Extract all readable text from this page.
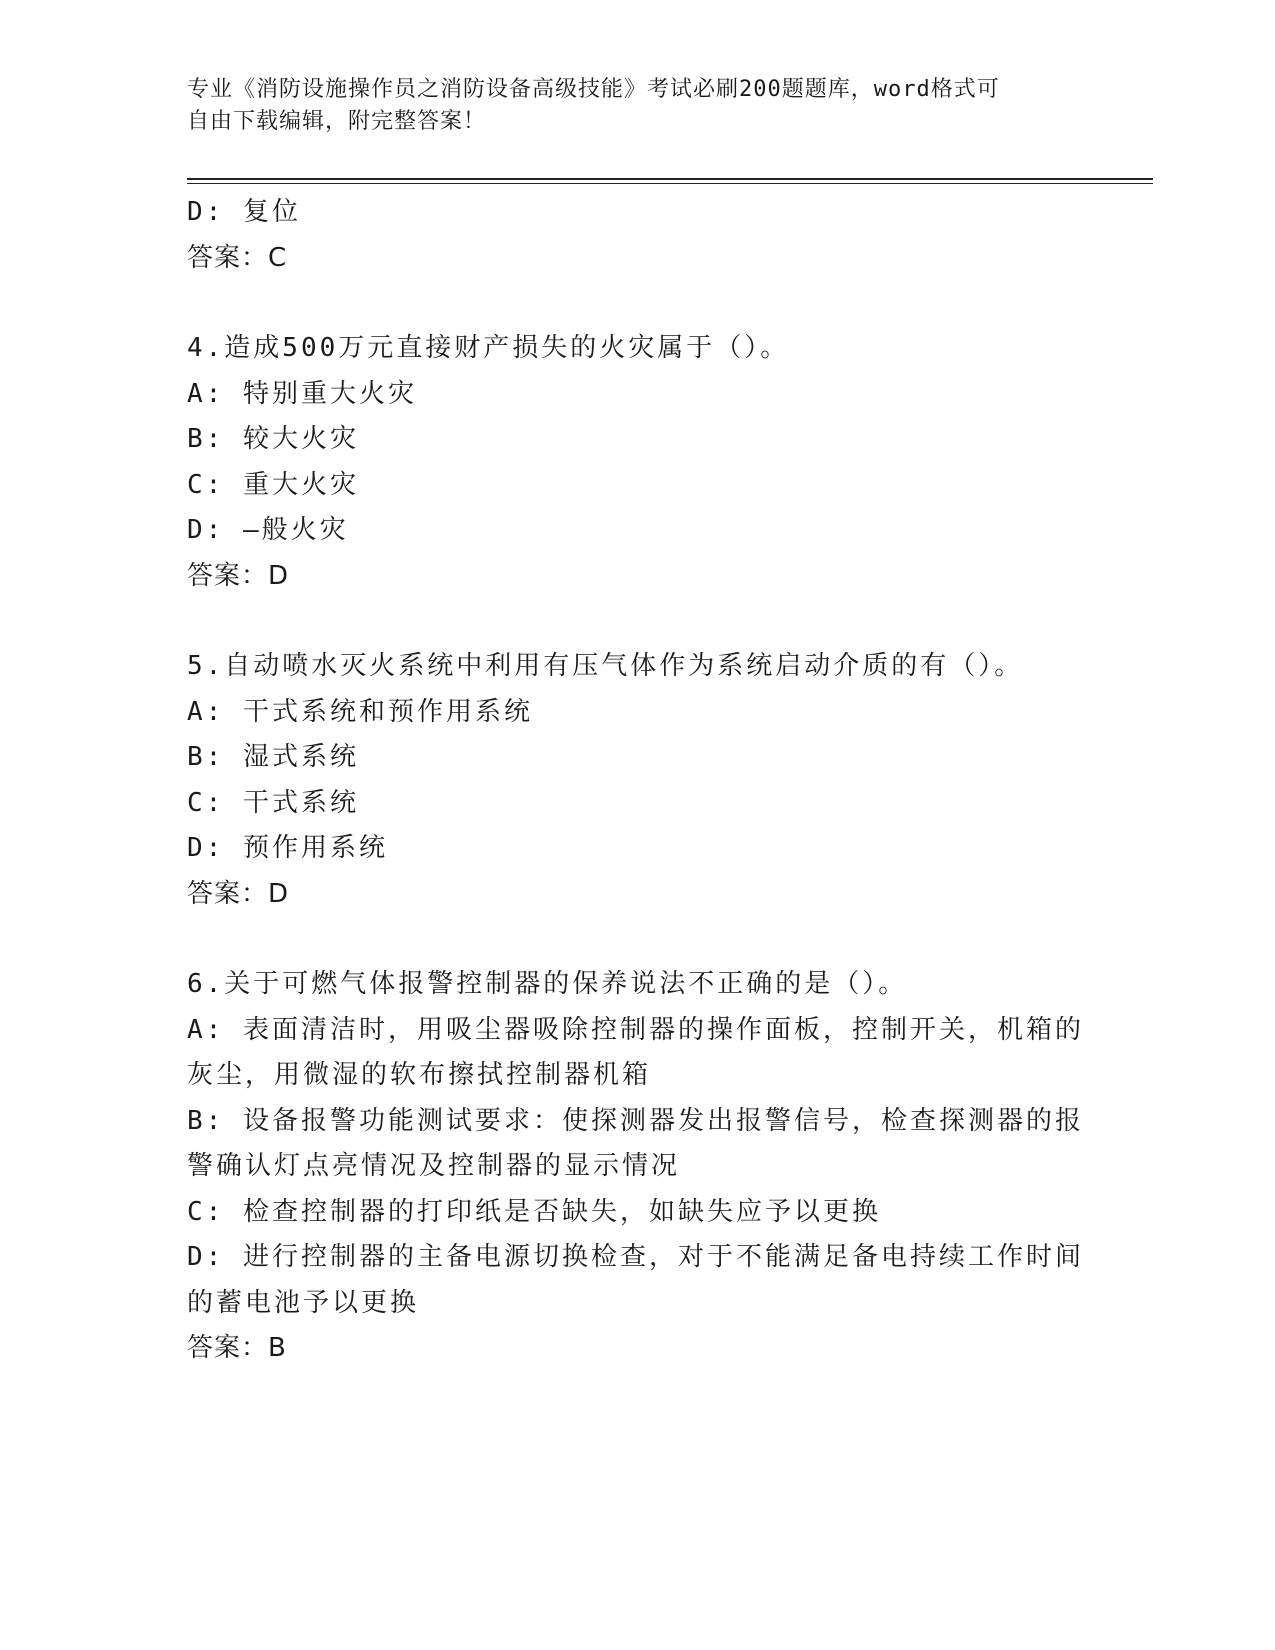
专业《消防设施操作员之消防设备高级技能》考试必刷200题题库，word格式可
自由下载编辑，附完整答案！
D: 复位
答案：C
4.造成500万元直接财产损失的火灾属于（）。
A: 特别重大火灾
B: 较大火灾
C: 重大火灾
D: —般火灾
答案：D
5.自动喷水灭火系统中利用有压气体作为系统启动介质的有（）。
A: 干式系统和预作用系统
B: 湿式系统
C: 干式系统
D: 预作用系统
答案：D
6.关于可燃气体报警控制器的保养说法不正确的是（）。
A: 表面清洁时，用吸尘器吸除控制器的操作面板，控制开关，机箱的灰尘，用微湿的软布擦拭控制器机箱
B: 设备报警功能测试要求：使探测器发出报警信号，检查探测器的报警确认灯点亮情况及控制器的显示情况
C: 检查控制器的打印纸是否缺失，如缺失应予以更换
D: 进行控制器的主备电源切换检查，对于不能满足备电持续工作时间的蓄电池予以更换
答案：B
